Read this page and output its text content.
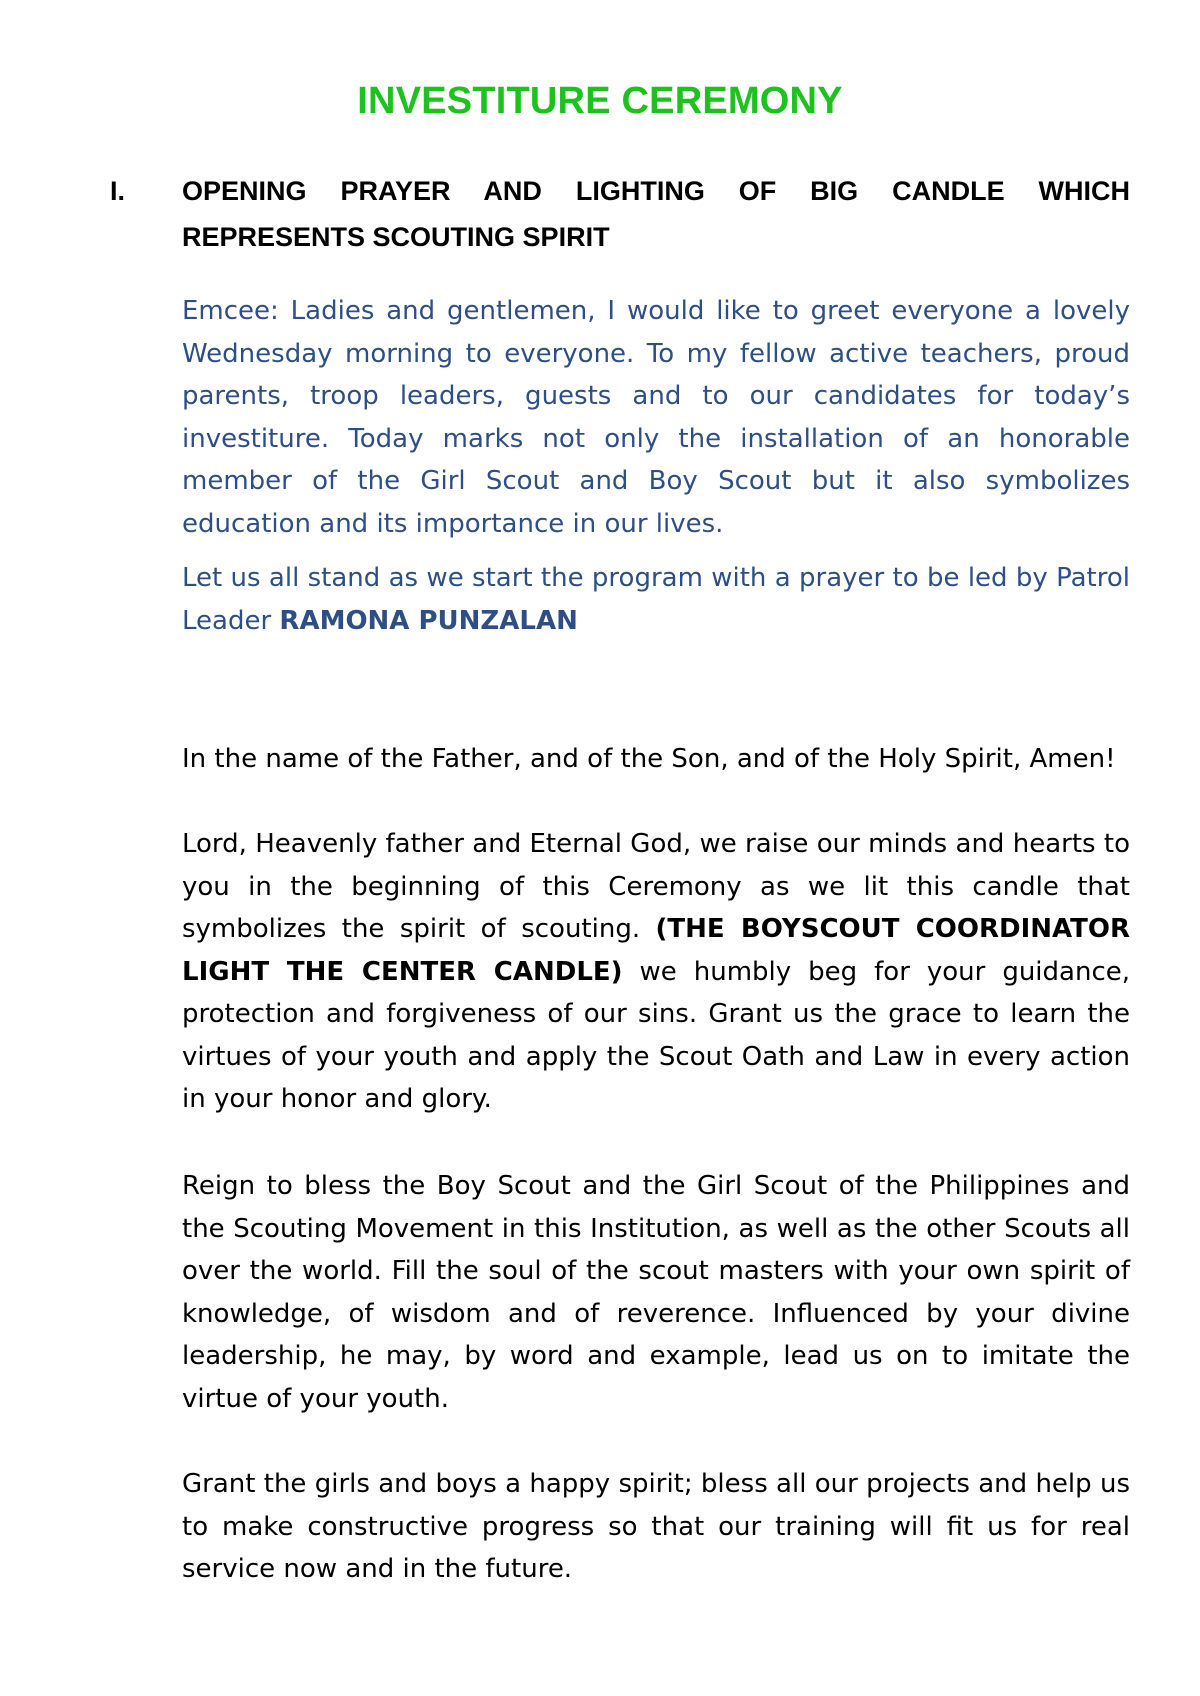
INVESTITURE CEREMONY
I. OPENING PRAYER AND LIGHTING OF BIG CANDLE WHICH
REPRESENTS SCOUTING SPIRIT

Emcee: Ladies and gentlemen, I would like to greet everyone a lovely Wednesday morning to everyone. To my fellow active teachers, proud parents, troop leaders, guests and to our candidates for today’s investiture. Today marks not only the installation of an honorable member of the Girl Scout and Boy Scout but it also symbolizes education and its importance in our lives.

Let us all stand as we start the program with a prayer to be led by Patrol Leader RAMONA PUNZALAN

In the name of the Father, and of the Son, and of the Holy Spirit, Amen!

Lord, Heavenly father and Eternal God, we raise our minds and hearts to you in the beginning of this Ceremony as we lit this candle that symbolizes the spirit of scouting. (THE BOYSCOUT COORDINATOR LIGHT THE CENTER CANDLE) we humbly beg for your guidance, protection and forgiveness of our sins. Grant us the grace to learn the virtues of your youth and apply the Scout Oath and Law in every action in your honor and glory.

Reign to bless the Boy Scout and the Girl Scout of the Philippines and the Scouting Movement in this Institution, as well as the other Scouts all over the world. Fill the soul of the scout masters with your own spirit of knowledge, of wisdom and of reverence. Influenced by your divine leadership, he may, by word and example, lead us on to imitate the virtue of your youth.

Grant the girls and boys a happy spirit; bless all our projects and help us to make constructive progress so that our training will fit us for real service now and in the future.
